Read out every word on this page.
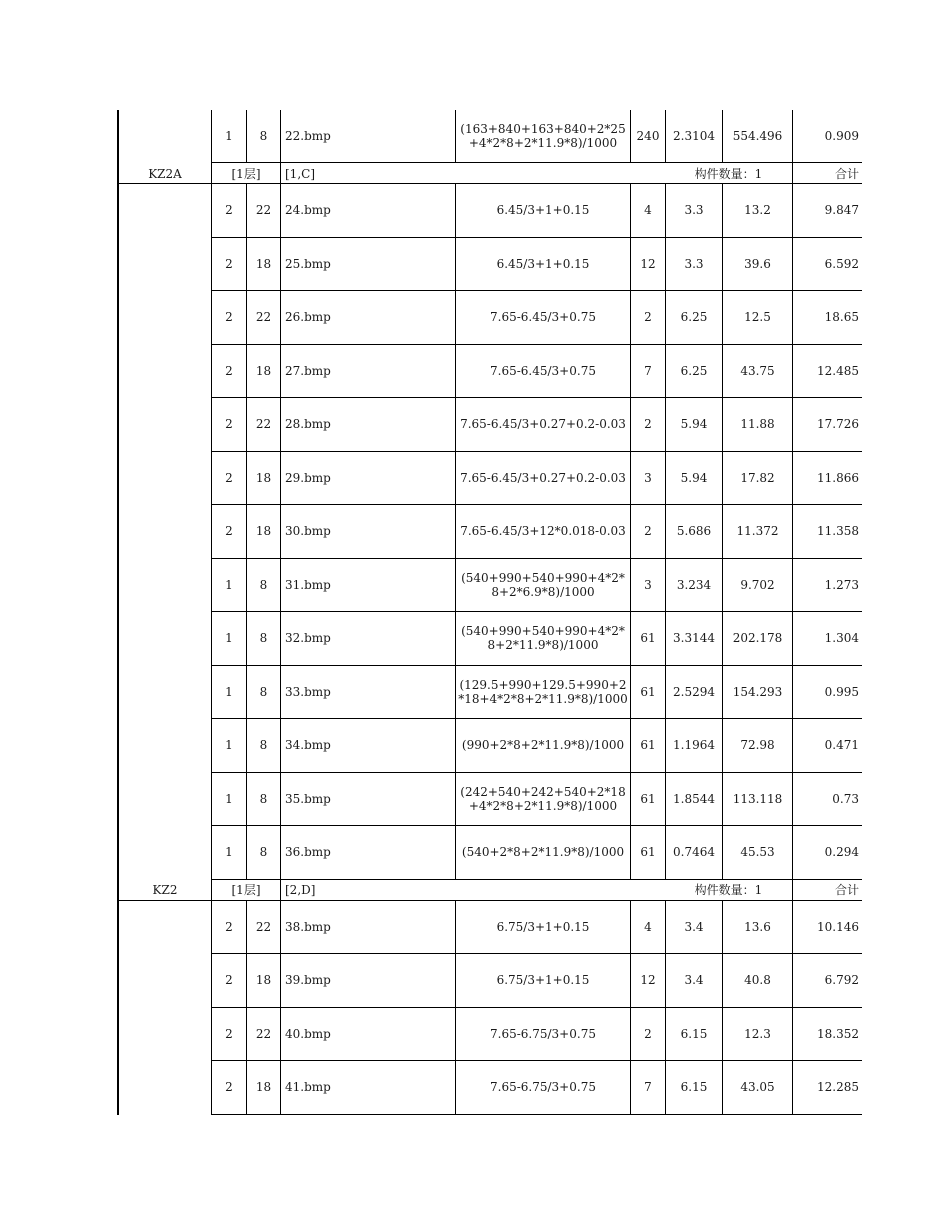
1	8	22.bmp	(163+840+163+840+2*25+4*2*8+2*11.9*8)/1000	240	2.3104	554.496	0.909
KZ2A	[1层]	[1,C]	构件数量：1	合计
2	22	24.bmp	6.45/3+1+0.15	4	3.3	13.2	9.847
2	18	25.bmp	6.45/3+1+0.15	12	3.3	39.6	6.592
2	22	26.bmp	7.65-6.45/3+0.75	2	6.25	12.5	18.65
2	18	27.bmp	7.65-6.45/3+0.75	7	6.25	43.75	12.485
2	22	28.bmp	7.65-6.45/3+0.27+0.2-0.03	2	5.94	11.88	17.726
2	18	29.bmp	7.65-6.45/3+0.27+0.2-0.03	3	5.94	17.82	11.866
2	18	30.bmp	7.65-6.45/3+12*0.018-0.03	2	5.686	11.372	11.358
1	8	31.bmp	(540+990+540+990+4*2*8+2*6.9*8)/1000	3	3.234	9.702	1.273
1	8	32.bmp	(540+990+540+990+4*2*8+2*11.9*8)/1000	61	3.3144	202.178	1.304
1	8	33.bmp	(129.5+990+129.5+990+2*18+4*2*8+2*11.9*8)/1000	61	2.5294	154.293	0.995
1	8	34.bmp	(990+2*8+2*11.9*8)/1000	61	1.1964	72.98	0.471
1	8	35.bmp	(242+540+242+540+2*18+4*2*8+2*11.9*8)/1000	61	1.8544	113.118	0.73
1	8	36.bmp	(540+2*8+2*11.9*8)/1000	61	0.7464	45.53	0.294
KZ2	[1层]	[2,D]	构件数量：1	合计
2	22	38.bmp	6.75/3+1+0.15	4	3.4	13.6	10.146
2	18	39.bmp	6.75/3+1+0.15	12	3.4	40.8	6.792
2	22	40.bmp	7.65-6.75/3+0.75	2	6.15	12.3	18.352
2	18	41.bmp	7.65-6.75/3+0.75	7	6.15	43.05	12.285
